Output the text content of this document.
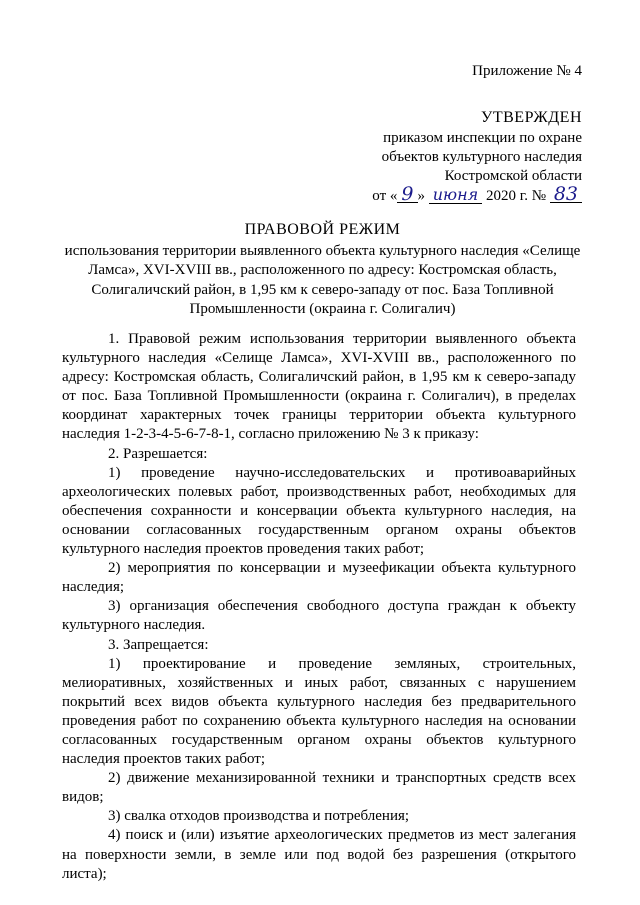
Приложение № 4
УТВЕРЖДЕН
приказом инспекции по охране
объектов культурного наследия
Костромской области
от « 9 » июня 2020 г. № 83
ПРАВОВОЙ РЕЖИМ
использования территории выявленного объекта культурного наследия «Селище Ламса», XVI-XVIII вв., расположенного по адресу: Костромская область, Солигаличский район, в 1,95 км к северо-западу от пос. База Топливной Промышленности (окраина г. Солигалич)

1. Правовой режим использования территории выявленного объекта культурного наследия «Селище Ламса», XVI-XVIII вв., расположенного по адресу: Костромская область, Солигаличский район, в 1,95 км к северо-западу от пос. База Топливной Промышленности (окраина г. Солигалич), в пределах координат характерных точек границы территории объекта культурного наследия 1-2-3-4-5-6-7-8-1, согласно приложению № 3 к приказу:

2. Разрешается:

1) проведение научно-исследовательских и противоаварийных археологических полевых работ, производственных работ, необходимых для обеспечения сохранности и консервации объекта культурного наследия, на основании согласованных государственным органом охраны объектов культурного наследия проектов проведения таких работ;

2) мероприятия по консервации и музеефикации объекта культурного наследия;

3) организация обеспечения свободного доступа граждан к объекту культурного наследия.

3. Запрещается:

1) проектирование и проведение земляных, строительных, мелиоративных, хозяйственных и иных работ, связанных с нарушением покрытий всех видов объекта культурного наследия без предварительного проведения работ по сохранению объекта культурного наследия на основании согласованных государственным органом охраны объектов культурного наследия проектов таких работ;

2) движение механизированной техники и транспортных средств всех видов;

3) свалка отходов производства и потребления;

4) поиск и (или) изъятие археологических предметов из мест залегания на поверхности земли, в земле или под водой без разрешения (открытого листа);
